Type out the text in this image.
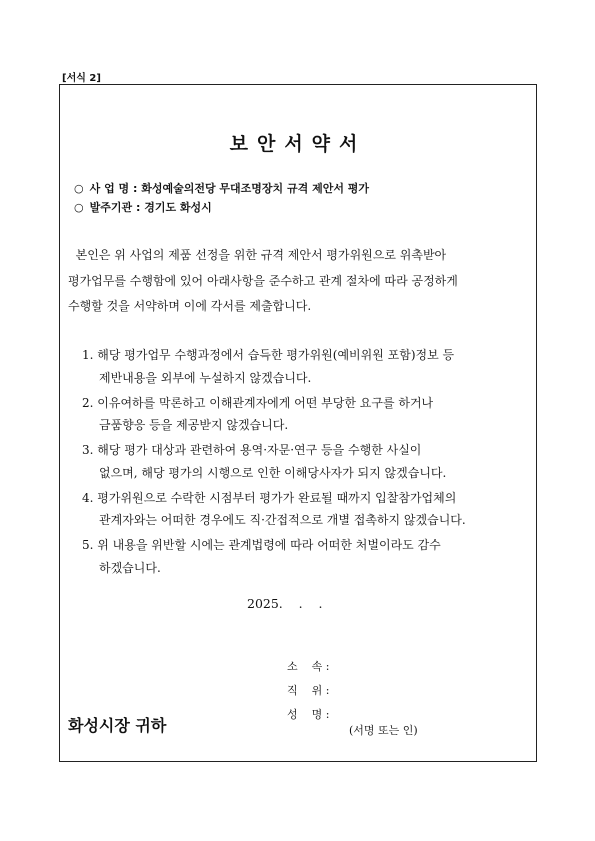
[서식 2]
보안서약서
○ 사 업 명 : 화성예술의전당 무대조명장치 규격 제안서 평가
○ 발주기관 : 경기도 화성시
본인은 위 사업의 제품 선정을 위한 규격 제안서 평가위원으로 위촉받아
평가업무를 수행함에 있어 아래사항을 준수하고 관계 절차에 따라 공정하게
수행할 것을 서약하며 이에 각서를 제출합니다.
1. 해당 평가업무 수행과정에서 습득한 평가위원(예비위원 포함)정보 등
제반내용을 외부에 누설하지 않겠습니다.
2. 이유여하를 막론하고 이해관계자에게 어떤 부당한 요구를 하거나
금품향응 등을 제공받지 않겠습니다.
3. 해당 평가 대상과 관련하여 용역·자문·연구 등을 수행한 사실이
없으며, 해당 평가의 시행으로 인한 이해당사자가 되지 않겠습니다.
4. 평가위원으로 수락한 시점부터 평가가 완료될 때까지 입찰참가업체의
관계자와는 어떠한 경우에도 직·간접적으로 개별 접촉하지 않겠습니다.
5. 위 내용을 위반할 시에는 관계법령에 따라 어떠한 처벌이라도 감수
하겠습니다.
2025.    .    .

소    속 :

직    위 :

성    명 :
(서명 또는 인)

화성시장 귀하
